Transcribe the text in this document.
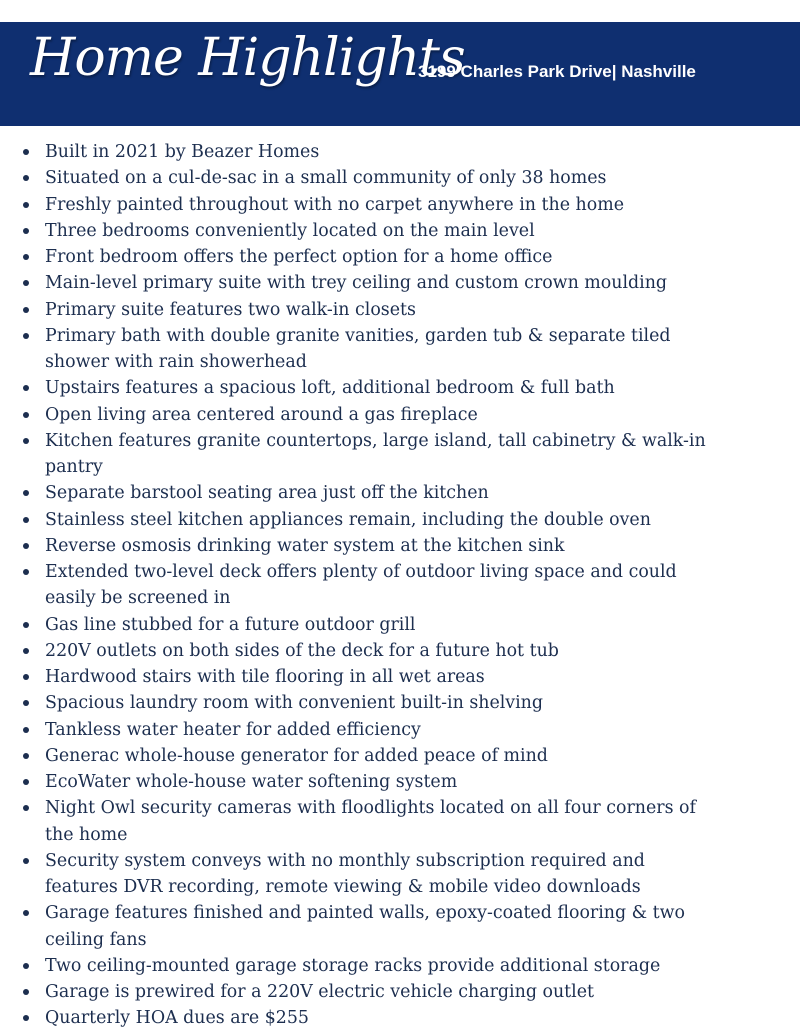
Home Highlights
3199 Charles Park Drive| Nashville
Built in 2021 by Beazer Homes
Situated on a cul-de-sac in a small community of only 38 homes
Freshly painted throughout with no carpet anywhere in the home
Three bedrooms conveniently located on the main level
Front bedroom offers the perfect option for a home office
Main-level primary suite with trey ceiling and custom crown moulding
Primary suite features two walk-in closets
Primary bath with double granite vanities, garden tub & separate tiled shower with rain showerhead
Upstairs features a spacious loft, additional bedroom & full bath
Open living area centered around a gas fireplace
Kitchen features granite countertops, large island, tall cabinetry & walk-in pantry
Separate barstool seating area just off the kitchen
Stainless steel kitchen appliances remain, including the double oven
Reverse osmosis drinking water system at the kitchen sink
Extended two-level deck offers plenty of outdoor living space and could easily be screened in
Gas line stubbed for a future outdoor grill
220V outlets on both sides of the deck for a future hot tub
Hardwood stairs with tile flooring in all wet areas
Spacious laundry room with convenient built-in shelving
Tankless water heater for added efficiency
Generac whole-house generator for added peace of mind
EcoWater whole-house water softening system
Night Owl security cameras with floodlights located on all four corners of the home
Security system conveys with no monthly subscription required and features DVR recording, remote viewing & mobile video downloads
Garage features finished and painted walls, epoxy-coated flooring & two ceiling fans
Two ceiling-mounted garage storage racks provide additional storage
Garage is prewired for a 220V electric vehicle charging outlet
Quarterly HOA dues are $255
